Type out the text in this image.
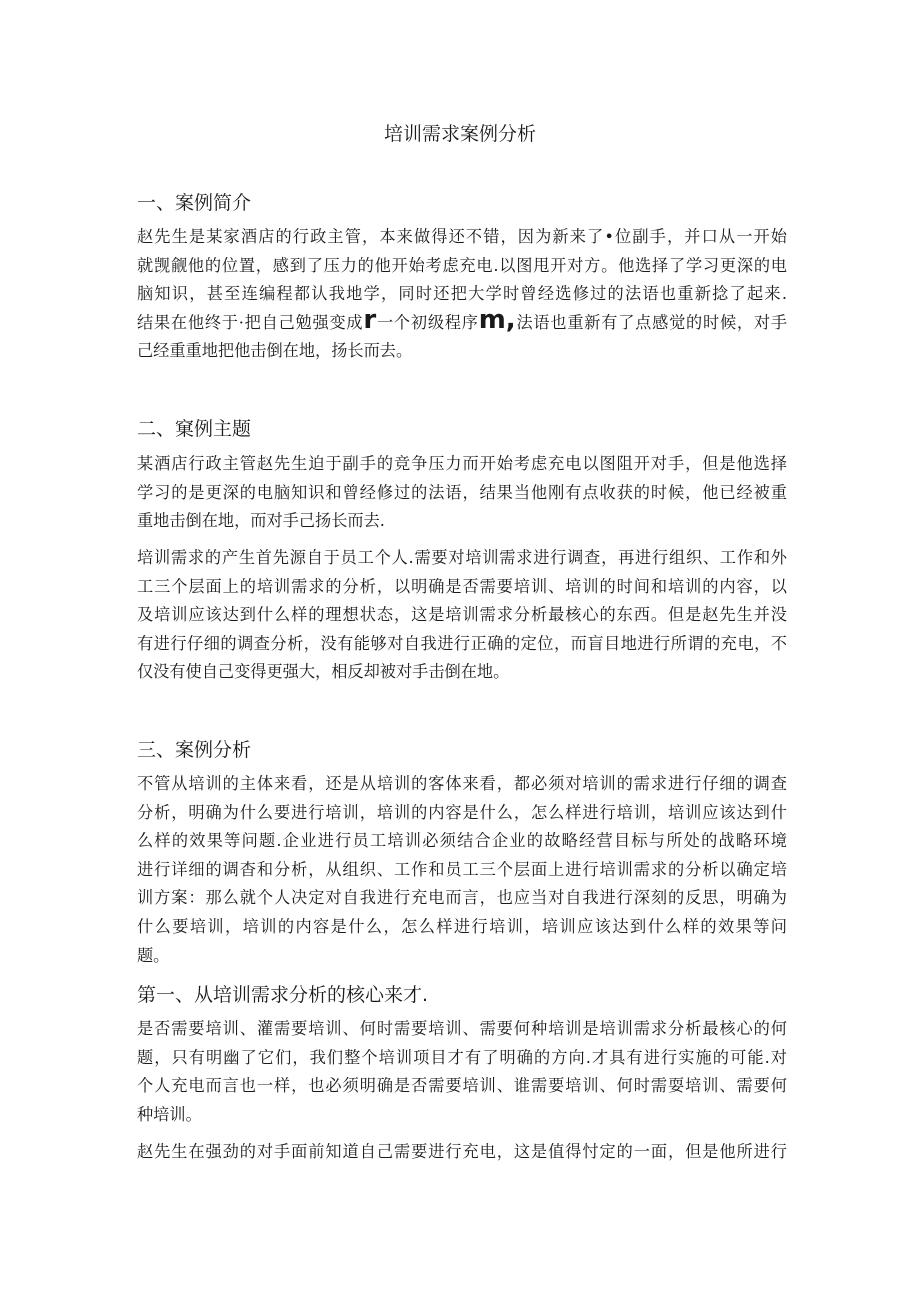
培训需求案例分析
一、案例简介
赵先生是某家酒店的行政主管，本来做得还不错，因为新来了•位副手，并口从一开始
就觊觎他的位置，感到了压力的他开始考虑充电.以图甩开对方。他选择了学习更深的电
脑知识，甚至连编程都认我地学，同时还把大学时曾经选修过的法语也重新捻了起来.
结果在他终于·把自己勉强变成r一个初级程序m,法语也重新有了点感觉的时候，对手
己经重重地把他击倒在地，扬长而去。
二、窠例主题
某酒店行政主管赵先生迫于副手的竞争压力而开始考虑充电以图阻开对手，但是他选择
学习的是更深的电脑知识和曾经修过的法语，结果当他刚有点收获的时候，他已经被重
重地击倒在地，而对手己扬长而去.
培训需求的产生首先源自于员工个人.需要对培训需求进行调查，再进行组织、工作和外
工三个层面上的培训需求的分析，以明确是否需要培训、培训的时间和培训的内容，以
及培训应该达到什么样的理想状态，这是培训需求分析最核心的东西。但是赵先生并没
有进行仔细的调查分析，没有能够对自我进行正确的定位，而盲目地进行所谓的充电，不
仅没有使自己变得更强大，相反却被对手击倒在地。
三、案例分析
不管从培训的主体来看，还是从培训的客体来看，都必须对培训的需求进行仔细的调查
分析，明确为什么要进行培训，培训的内容是什么，怎么样进行培训，培训应该达到什
么样的效果等问题.企业进行员工培训必须结合企业的故略经营目标与所处的战略环境
进行详细的调杳和分析，从组织、工作和员工三个层面上进行培训需求的分析以确定培
训方案：那么就个人决定对自我进行充电而言，也应当对自我进行深刻的反思，明确为
什么要培训，培训的内容是什么，怎么样进行培训，培训应该达到什么样的效果等问
题。
第一、从培训需求分析的核心来才.
是否需要培训、灌需要培训、何时需要培训、需要何种培训是培训需求分析最核心的何
题，只有明幽了它们，我们整个培训项目才有了明确的方向.才具有进行实施的可能.对
个人充电而言也一样，也必须明确是否需要培训、谁需要培训、何时需耍培训、需要何
种培训。
赵先生在强劲的对手面前知道自己需要进行充电，这是值得忖定的一面，但是他所进行
